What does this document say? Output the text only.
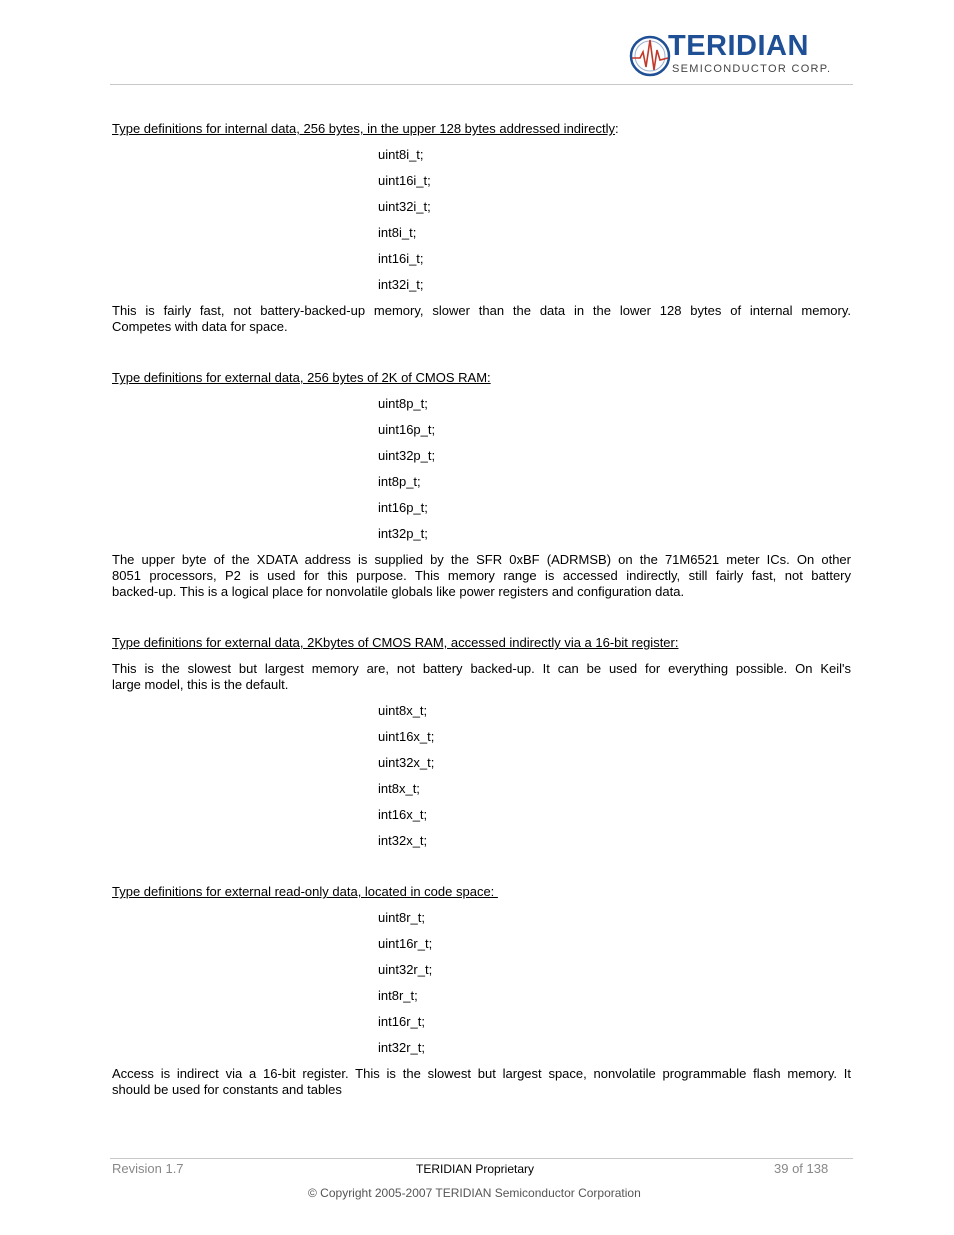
TERIDIAN
SEMICONDUCTOR CORP.
Type definitions for internal data, 256 bytes, in the upper 128 bytes addressed indirectly:
uint8i_t;
uint16i_t;
uint32i_t;
int8i_t;
int16i_t;
int32i_t;
This is fairly fast, not battery-backed-up memory, slower than the data in the lower 128 bytes of internal memory.
Competes with data for space.
Type definitions for external data, 256 bytes of 2K of CMOS RAM:
uint8p_t;
uint16p_t;
uint32p_t;
int8p_t;
int16p_t;
int32p_t;
The upper byte of the XDATA address is supplied by the SFR 0xBF (ADRMSB) on the 71M6521 meter ICs. On other
8051 processors, P2 is used for this purpose. This memory range is accessed indirectly, still fairly fast, not battery
backed-up. This is a logical place for nonvolatile globals like power registers and configuration data.
Type definitions for external data, 2Kbytes of CMOS RAM, accessed indirectly via a 16-bit register:
This is the slowest but largest memory are, not battery backed-up. It can be used for everything possible. On Keil's
large model, this is the default.
uint8x_t;
uint16x_t;
uint32x_t;
int8x_t;
int16x_t;
int32x_t;
Type definitions for external read-only data, located in code space:
uint8r_t;
uint16r_t;
uint32r_t;
int8r_t;
int16r_t;
int32r_t;
Access is indirect via a 16-bit register. This is the slowest but largest space, nonvolatile programmable flash memory. It
should be used for constants and tables
Revision 1.7	TERIDIAN Proprietary	39 of 138
© Copyright 2005-2007 TERIDIAN Semiconductor Corporation
